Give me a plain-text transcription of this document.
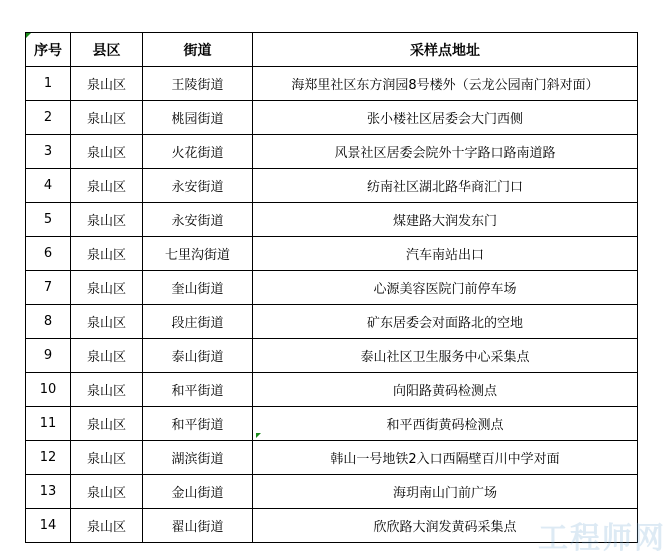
序号	县区	街道	采样点地址
1	泉山区	王陵街道	海郑里社区东方润园8号楼外（云龙公园南门斜对面）
2	泉山区	桃园街道	张小楼社区居委会大门西侧
3	泉山区	火花街道	风景社区居委会院外十字路口路南道路
4	泉山区	永安街道	纺南社区湖北路华商汇门口
5	泉山区	永安街道	煤建路大润发东门
6	泉山区	七里沟街道	汽车南站出口
7	泉山区	奎山街道	心源美容医院门前停车场
8	泉山区	段庄街道	矿东居委会对面路北的空地
9	泉山区	泰山街道	泰山社区卫生服务中心采集点
10	泉山区	和平街道	向阳路黄码检测点
11	泉山区	和平街道	和平西街黄码检测点
12	泉山区	湖滨街道	韩山一号地铁2入口西隔壁百川中学对面
13	泉山区	金山街道	海玥南山门前广场
14	泉山区	翟山街道	欣欣路大润发黄码采集点 工程师网
